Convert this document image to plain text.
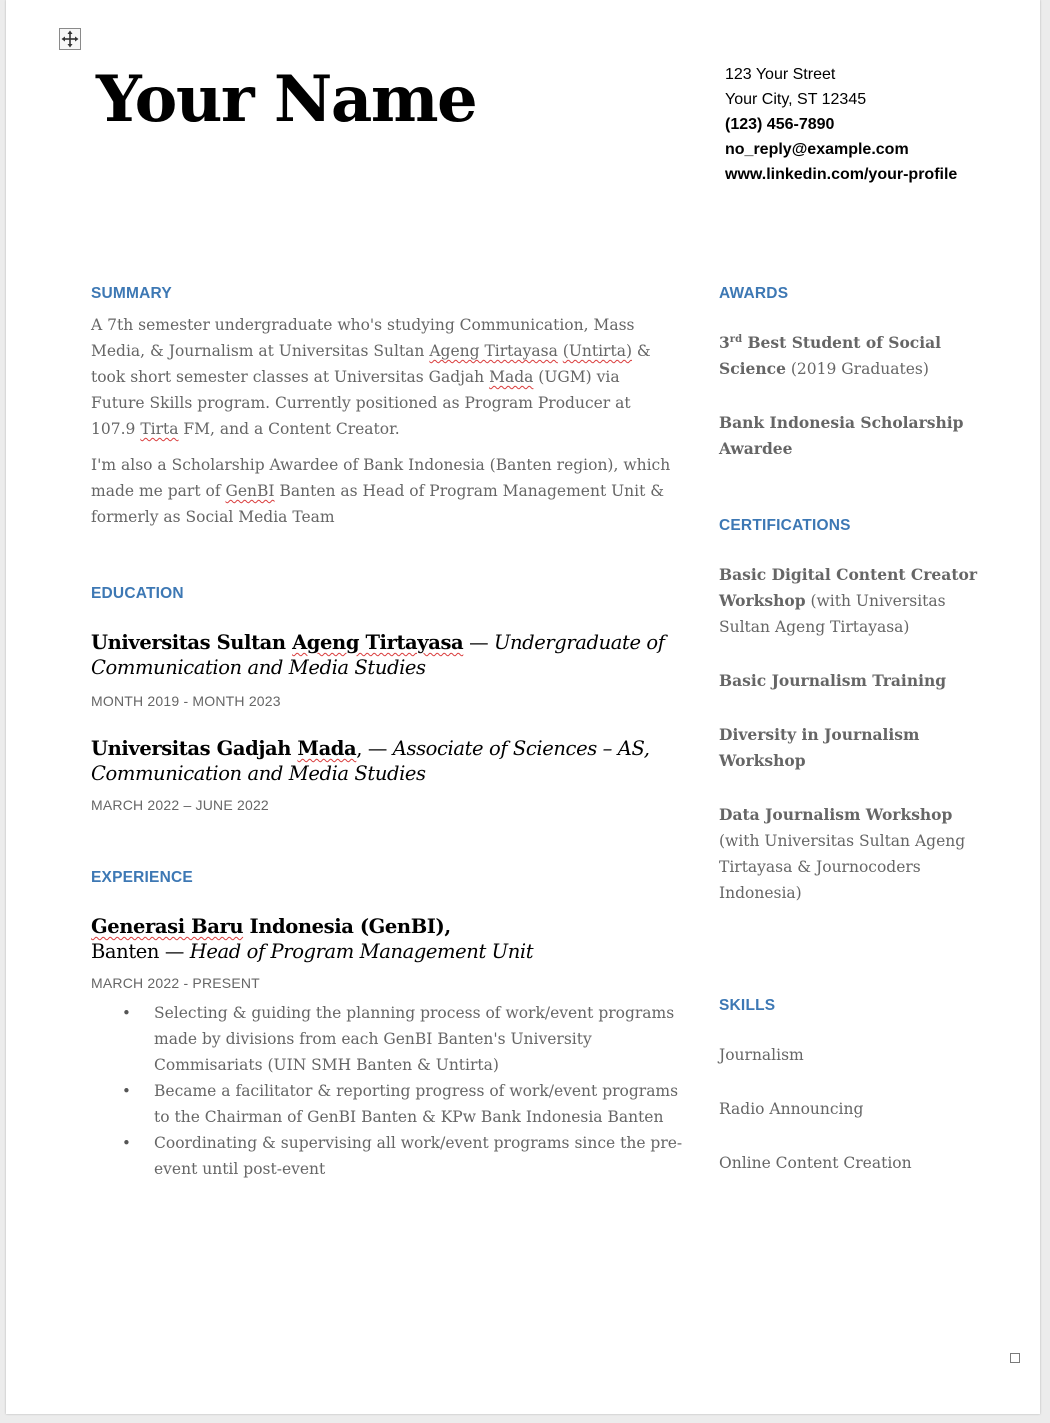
Your Name	123 Your Street
Your City, ST 12345
(123) 456-7890
no_reply@example.com
www.linkedin.com/your-profile
SUMMARY

A 7th semester undergraduate who's studying Communication, Mass Media, & Journalism at Universitas Sultan Ageng Tirtayasa (Untirta) & took short semester classes at Universitas Gadjah Mada (UGM) via Future Skills program. Currently positioned as Program Producer at 107.9 Tirta FM, and a Content Creator.

I'm also a Scholarship Awardee of Bank Indonesia (Banten region), which made me part of GenBI Banten as Head of Program Management Unit & formerly as Social Media Team

EDUCATION
Universitas Sultan Ageng Tirtayasa — Undergraduate of Communication and Media Studies
MONTH 2019 - MONTH 2023
Universitas Gadjah Mada, — Associate of Sciences – AS, Communication and Media Studies
MARCH 2022 – JUNE 2022
EXPERIENCE
Generasi Baru Indonesia (GenBI),
Banten — Head of Program Management Unit
MARCH 2022 - PRESENT
• Selecting & guiding the planning process of work/event programs made by divisions from each GenBI Banten's University Commisariats (UIN SMH Banten & Untirta)
• Became a facilitator & reporting progress of work/event programs to the Chairman of GenBI Banten & KPw Bank Indonesia Banten
• Coordinating & supervising all work/event programs since the pre-event until post-event
AWARDS
3rd Best Student of Social Science (2019 Graduates)
Bank Indonesia Scholarship Awardee
CERTIFICATIONS
Basic Digital Content Creator Workshop (with Universitas Sultan Ageng Tirtayasa)
Basic Journalism Training
Diversity in Journalism Workshop
Data Journalism Workshop (with Universitas Sultan Ageng Tirtayasa & Journocoders Indonesia)
SKILLS
Journalism
Radio Announcing
Online Content Creation
